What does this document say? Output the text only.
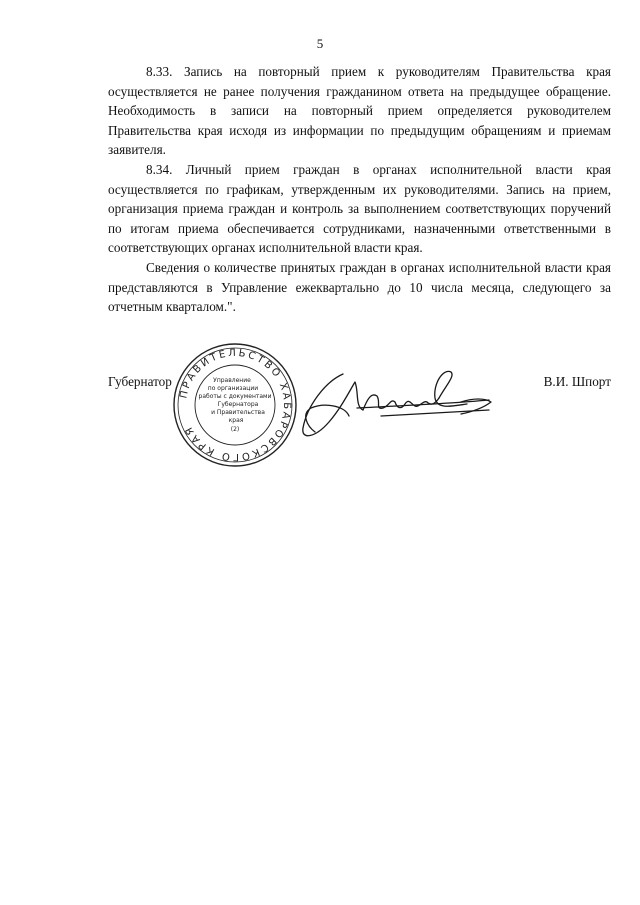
5

8.33. Запись на повторный прием к руководителям Правительства края осуществляется не ранее получения гражданином ответа на предыдущее обращение. Необходимость в записи на повторный прием определяется руководителем Правительства края исходя из информации по предыдущим обращениям и приемам заявителя.

8.34. Личный прием граждан в органах исполнительной власти края осуществляется по графикам, утвержденным их руководителями. Запись на прием, организация приема граждан и контроль за выполнением соответствующих поручений по итогам приема обеспечивается сотрудниками, назначенными ответственными в соответствующих органах исполнительной власти края.

Сведения о количестве принятых граждан в органах исполнительной власти края представляются в Управление ежеквартально до 10 числа месяца, следующего за отчетным кварталом.".

Губернатор	В.И. Шпорт
ПРАВИТЕЛЬСТВО ХАБАРОВСКОГО КРАЯ
Управление
по организации
работы с документами
Губернатора
и Правительства
края
(2)
